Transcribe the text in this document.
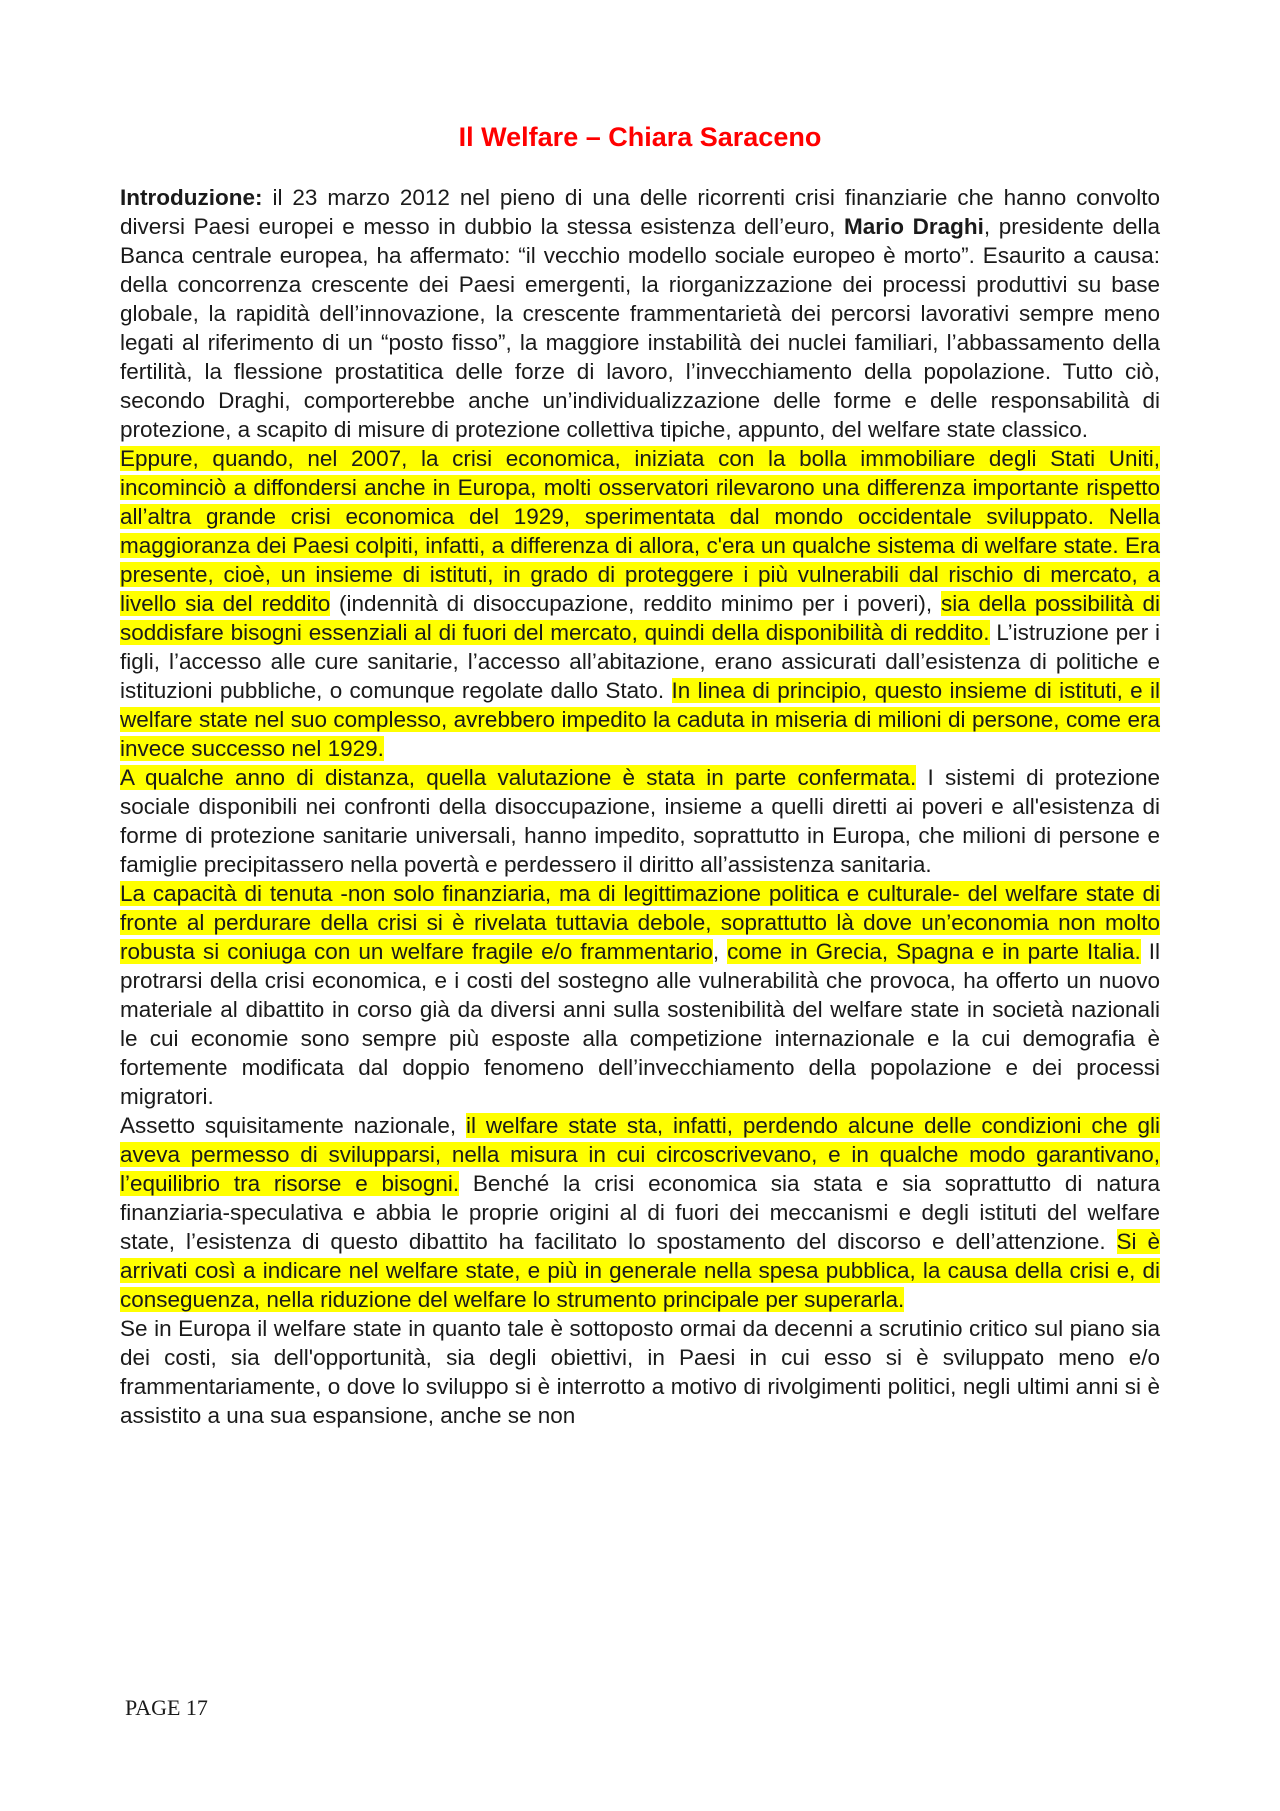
Il Welfare – Chiara Saraceno

Introduzione: il 23 marzo 2012 nel pieno di una delle ricorrenti crisi finanziarie che hanno convolto diversi Paesi europei e messo in dubbio la stessa esistenza dell’euro, Mario Draghi, presidente della Banca centrale europea, ha affermato: “il vecchio modello sociale europeo è morto”. Esaurito a causa: della concorrenza crescente dei Paesi emergenti, la riorganizzazione dei processi produttivi su base globale, la rapidità dell’innovazione, la crescente frammentarietà dei percorsi lavorativi sempre meno legati al riferimento di un “posto fisso”, la maggiore instabilità dei nuclei familiari, l’abbassamento della fertilità, la flessione prostatitica delle forze di lavoro, l’invecchiamento della popolazione. Tutto ciò, secondo Draghi, comporterebbe anche un’individualizzazione delle forme e delle responsabilità di protezione, a scapito di misure di protezione collettiva tipiche, appunto, del welfare state classico.

Eppure, quando, nel 2007, la crisi economica, iniziata con la bolla immobiliare degli Stati Uniti, incominciò a diffondersi anche in Europa, molti osservatori rilevarono una differenza importante rispetto all’altra grande crisi economica del 1929, sperimentata dal mondo occidentale sviluppato. Nella maggioranza dei Paesi colpiti, infatti, a differenza di allora, c'era un qualche sistema di welfare state. Era presente, cioè, un insieme di istituti, in grado di proteggere i più vulnerabili dal rischio di mercato, a livello sia del reddito (indennità di disoccupazione, reddito minimo per i poveri), sia della possibilità di soddisfare bisogni essenziali al di fuori del mercato, quindi della disponibilità di reddito. L’istruzione per i figli, l’accesso alle cure sanitarie, l’accesso all’abitazione, erano assicurati dall’esistenza di politiche e istituzioni pubbliche, o comunque regolate dallo Stato. In linea di principio, questo insieme di istituti, e il welfare state nel suo complesso, avrebbero impedito la caduta in miseria di milioni di persone, come era invece successo nel 1929.

A qualche anno di distanza, quella valutazione è stata in parte confermata. I sistemi di protezione sociale disponibili nei confronti della disoccupazione, insieme a quelli diretti ai poveri e all'esistenza di forme di protezione sanitarie universali, hanno impedito, soprattutto in Europa, che milioni di persone e famiglie precipitassero nella povertà e perdessero il diritto all’assistenza sanitaria.

La capacità di tenuta -non solo finanziaria, ma di legittimazione politica e culturale- del welfare state di fronte al perdurare della crisi si è rivelata tuttavia debole, soprattutto là dove un’economia non molto robusta si coniuga con un welfare fragile e/o frammentario, come in Grecia, Spagna e in parte Italia. Il protrarsi della crisi economica, e i costi del sostegno alle vulnerabilità che provoca, ha offerto un nuovo materiale al dibattito in corso già da diversi anni sulla sostenibilità del welfare state in società nazionali le cui economie sono sempre più esposte alla competizione internazionale e la cui demografia è fortemente modificata dal doppio fenomeno dell’invecchiamento della popolazione e dei processi migratori.

Assetto squisitamente nazionale, il welfare state sta, infatti, perdendo alcune delle condizioni che gli aveva permesso di svilupparsi, nella misura in cui circoscrivevano, e in qualche modo garantivano, l’equilibrio tra risorse e bisogni. Benché la crisi economica sia stata e sia soprattutto di natura finanziaria-speculativa e abbia le proprie origini al di fuori dei meccanismi e degli istituti del welfare state, l’esistenza di questo dibattito ha facilitato lo spostamento del discorso e dell’attenzione. Si è arrivati così a indicare nel welfare state, e più in generale nella spesa pubblica, la causa della crisi e, di conseguenza, nella riduzione del welfare lo strumento principale per superarla.

Se in Europa il welfare state in quanto tale è sottoposto ormai da decenni a scrutinio critico sul piano sia dei costi, sia dell'opportunità, sia degli obiettivi, in Paesi in cui esso si è sviluppato meno e/o frammentariamente, o dove lo sviluppo si è interrotto a motivo di rivolgimenti politici, negli ultimi anni si è assistito a una sua espansione, anche se non

PAGE 17
